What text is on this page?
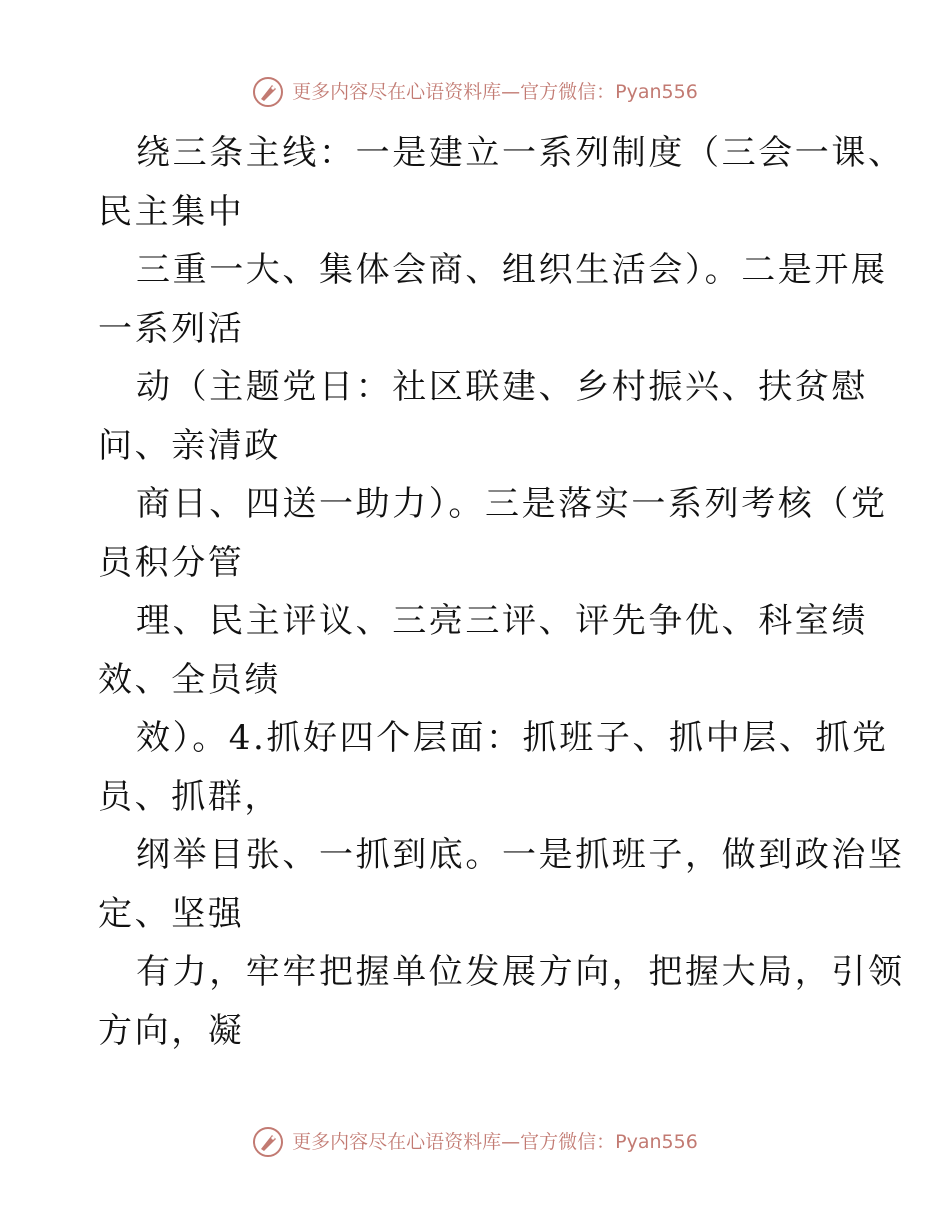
更多内容尽在心语资料库—官方微信：Pyan556
绕三条主线：一是建立一系列制度（三会一课、
民主集中
三重一大、集体会商、组织生活会）。二是开展
一系列活
动（主题党日：社区联建、乡村振兴、扶贫慰
问、亲清政
商日、四送一助力）。三是落实一系列考核（党
员积分管
理、民主评议、三亮三评、评先争优、科室绩
效、全员绩
效）。4.抓好四个层面：抓班子、抓中层、抓党
员、抓群，
纲举目张、一抓到底。一是抓班子，做到政治坚
定、坚强
有力，牢牢把握单位发展方向，把握大局，引领
方向，凝
更多内容尽在心语资料库—官方微信：Pyan556
